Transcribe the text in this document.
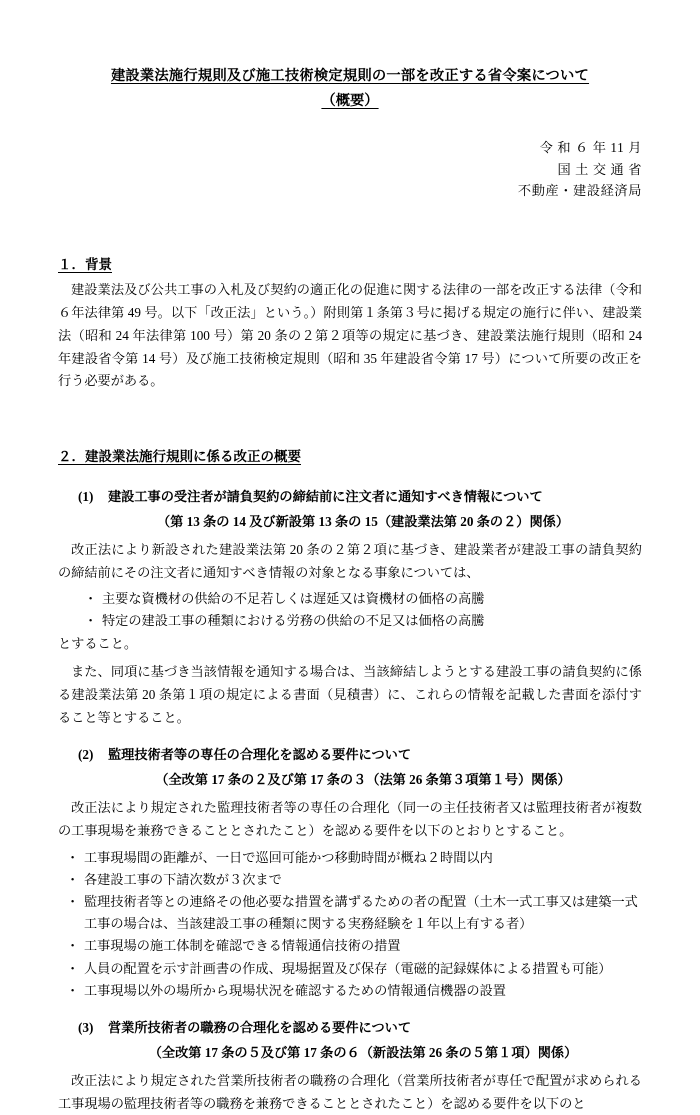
建設業法施行規則及び施工技術検定規則の一部を改正する省令案について
（概要）
令 和 ６ 年 11 月
国 土 交 通 省
不動産・建設経済局
１．背景

建設業法及び公共工事の入札及び契約の適正化の促進に関する法律の一部を改正する法律（令和６年法律第 49 号。以下「改正法」という。）附則第１条第３号に掲げる規定の施行に伴い、建設業法（昭和 24 年法律第 100 号）第 20 条の２第２項等の規定に基づき、建設業法施行規則（昭和 24 年建設省令第 14 号）及び施工技術検定規則（昭和 35 年建設省令第 17 号）について所要の改正を行う必要がある。

２．建設業法施行規則に係る改正の概要
(1)	建設工事の受注者が請負契約の締結前に注文者に通知すべき情報について
（第 13 条の 14 及び新設第 13 条の 15（建設業法第 20 条の２）関係）

改正法により新設された建設業法第 20 条の２第２項に基づき、建設業者が建設工事の請負契約の締結前にその注文者に通知すべき情報の対象となる事象については、

・ 主要な資機材の供給の不足若しくは遅延又は資機材の価格の高騰
・ 特定の建設工事の種類における労務の供給の不足又は価格の高騰

とすること。

また、同項に基づき当該情報を通知する場合は、当該締結しようとする建設工事の請負契約に係る建設業法第 20 条第１項の規定による書面（見積書）に、これらの情報を記載した書面を添付すること等とすること。

(2)	監理技術者等の専任の合理化を認める要件について
（全改第 17 条の２及び第 17 条の３（法第 26 条第３項第１号）関係）

改正法により規定された監理技術者等の専任の合理化（同一の主任技術者又は監理技術者が複数の工事現場を兼務できることとされたこと）を認める要件を以下のとおりとすること。

・ 工事現場間の距離が、一日で巡回可能かつ移動時間が概ね２時間以内
・ 各建設工事の下請次数が３次まで
・ 監理技術者等との連絡その他必要な措置を講ずるための者の配置（土木一式工事又は建築一式工事の場合は、当該建設工事の種類に関する実務経験を１年以上有する者）
・ 工事現場の施工体制を確認できる情報通信技術の措置
・ 人員の配置を示す計画書の作成、現場据置及び保存（電磁的記録媒体による措置も可能）
・ 工事現場以外の場所から現場状況を確認するための情報通信機器の設置
(3)	営業所技術者の職務の合理化を認める要件について
（全改第 17 条の５及び第 17 条の６（新設法第 26 条の５第１項）関係）

改正法により規定された営業所技術者の職務の合理化（営業所技術者が専任で配置が求められる工事現場の監理技術者等の職務を兼務できることとされたこと）を認める要件を以下のと
